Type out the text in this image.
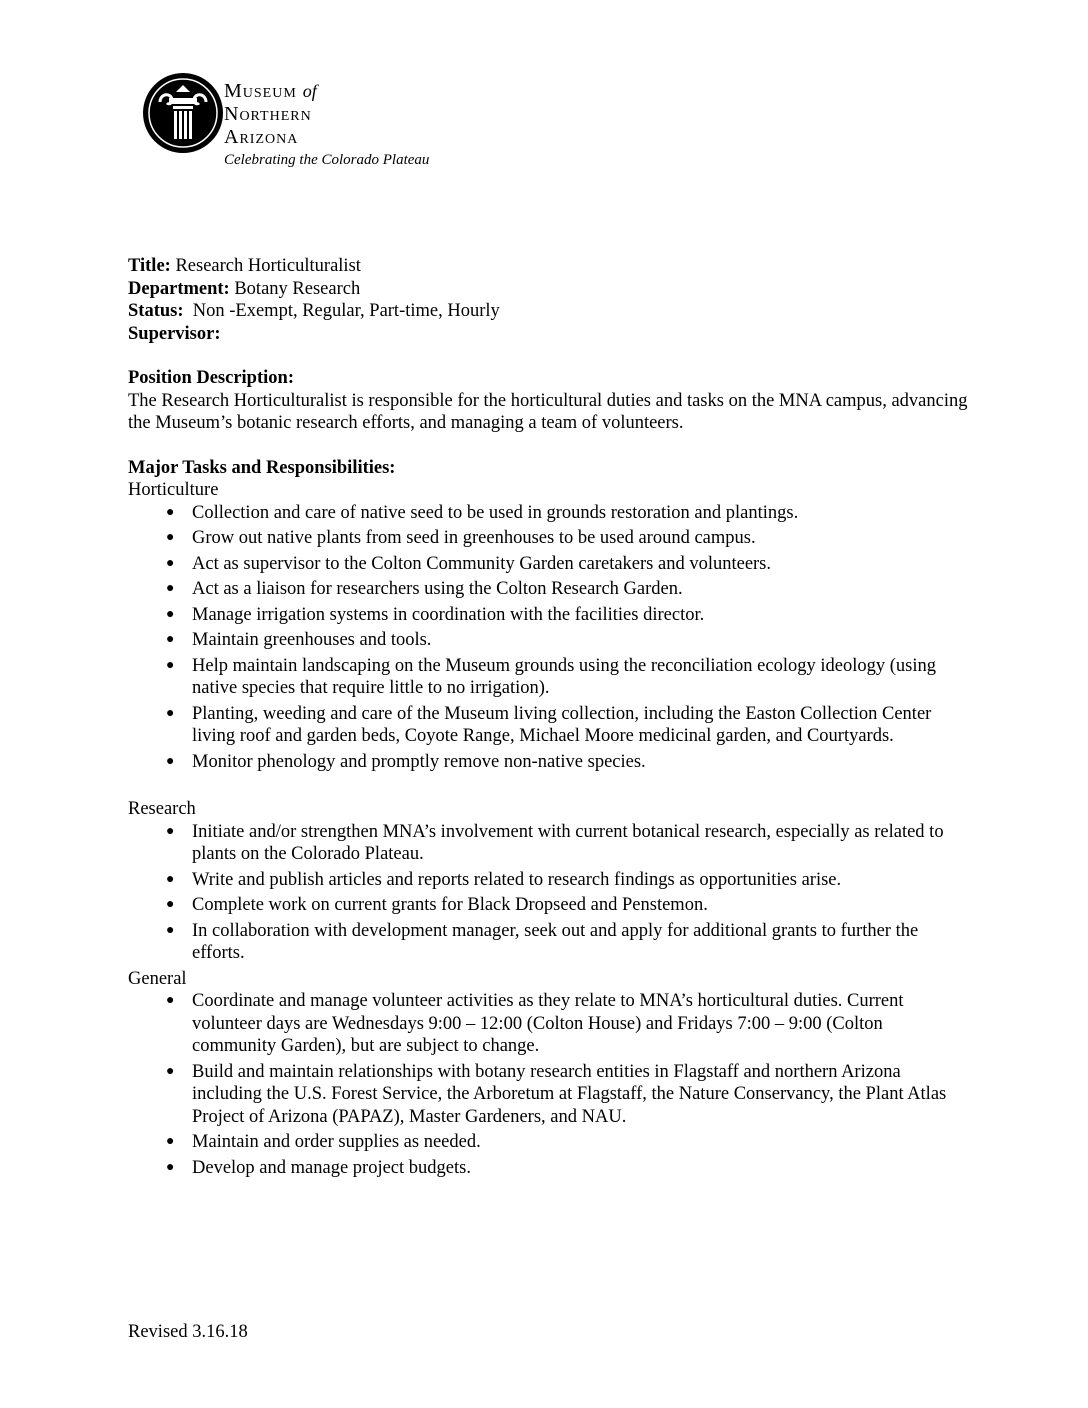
Museum of
Northern
Arizona
Celebrating the Colorado Plateau
Title: Research Horticulturalist
Department: Botany Research
Status:  Non -Exempt, Regular, Part-time, Hourly
Supervisor:
Position Description:

The Research Horticulturalist is responsible for the horticultural duties and tasks on the MNA campus, advancing the Museum’s botanic research efforts, and managing a team of volunteers.

Major Tasks and Responsibilities:
Horticulture
● Collection and care of native seed to be used in grounds restoration and plantings.
● Grow out native plants from seed in greenhouses to be used around campus.
● Act as supervisor to the Colton Community Garden caretakers and volunteers.
● Act as a liaison for researchers using the Colton Research Garden.
● Manage irrigation systems in coordination with the facilities director.
● Maintain greenhouses and tools.
● Help maintain landscaping on the Museum grounds using the reconciliation ecology ideology (using native species that require little to no irrigation).
● Planting, weeding and care of the Museum living collection, including the Easton Collection Center living roof and garden beds, Coyote Range, Michael Moore medicinal garden, and Courtyards.
● Monitor phenology and promptly remove non-native species.
Research
● Initiate and/or strengthen MNA’s involvement with current botanical research, especially as related to plants on the Colorado Plateau.
● Write and publish articles and reports related to research findings as opportunities arise.
● Complete work on current grants for Black Dropseed and Penstemon.
● In collaboration with development manager, seek out and apply for additional grants to further the efforts.
General
● Coordinate and manage volunteer activities as they relate to MNA’s horticultural duties. Current volunteer days are Wednesdays 9:00 – 12:00 (Colton House) and Fridays 7:00 – 9:00 (Colton community Garden), but are subject to change.
● Build and maintain relationships with botany research entities in Flagstaff and northern Arizona including the U.S. Forest Service, the Arboretum at Flagstaff, the Nature Conservancy, the Plant Atlas Project of Arizona (PAPAZ), Master Gardeners, and NAU.
● Maintain and order supplies as needed.
● Develop and manage project budgets.
Revised 3.16.18
